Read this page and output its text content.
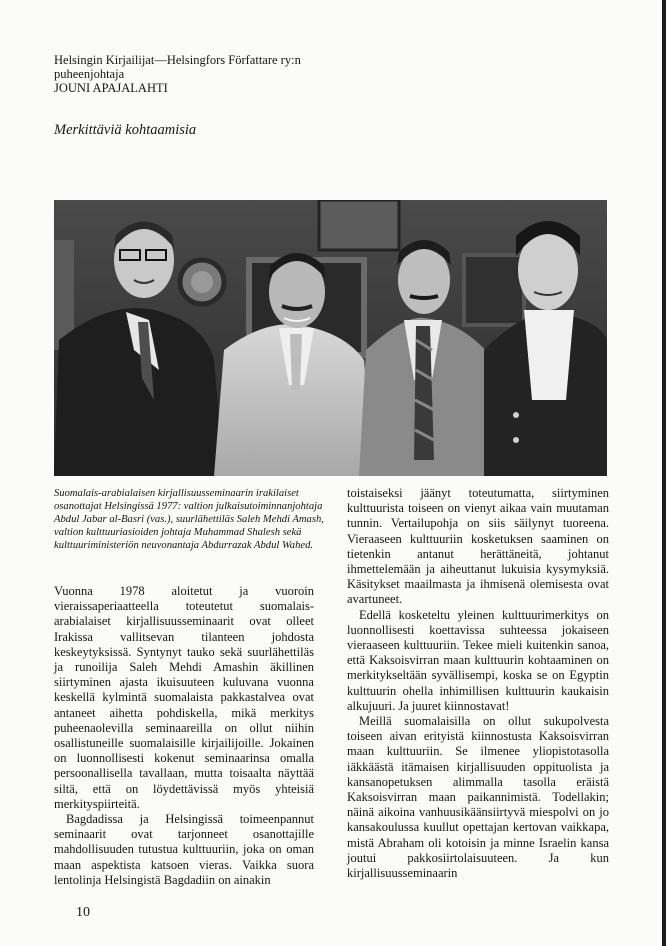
Helsingin Kirjailijat—Helsingfors Författare ry:n
puheenjohtaja
JOUNI APAJALAHTI
Merkittäviä kohtaamisia

Suomalais-arabialaisen kirjallisuusseminaarin irakilaiset osanottajat Helsingissä 1977: valtion julkaisutoiminnanjohtaja Abdul Jabar al-Basri (vas.), suurlähettiläs Saleh Mehdi Amash, valtion kulttuuriasioiden johtaja Muhammad Shalesh sekä kulttuuriministeriön neuvonantaja Abdurrazak Abdul Wahed.

Vuonna 1978 aloitetut ja vuoroin vieraissaperiaatteella toteutetut suomalais-arabialaiset kirjallisuusseminaarit ovat olleet Irakissa vallitsevan tilanteen johdosta keskeytyksissä. Syntynyt tauko sekä suurlähettiläs ja runoilija Saleh Mehdi Amashin äkillinen siirtyminen ajasta ikuisuuteen kuluvana vuonna keskellä kylmintä suomalaista pakkastalvea ovat antaneet aihetta pohdiskella, mikä merkitys puheenaolevilla seminaareilla on ollut niihin osallistuneille suomalaisille kirjailijoille. Jokainen on luonnollisesti kokenut seminaarinsa omalla persoonallisella tavallaan, mutta toisaalta näyttää siltä, että on löydettävissä myös yhteisiä merkityspiirteitä.

Bagdadissa ja Helsingissä toimeenpannut seminaarit ovat tarjonneet osanottajille mahdollisuuden tutustua kulttuuriin, joka on oman maan aspektista katsoen vieras. Vaikka suora lentolinja Helsingistä Bagdadiin on ainakin

toistaiseksi jäänyt toteutumatta, siirtyminen kulttuurista toiseen on vienyt aikaa vain muutaman tunnin. Vertailupohja on siis säilynyt tuoreena. Vieraaseen kulttuuriin kosketuksen saaminen on tietenkin antanut herättäneitä, johtanut ihmettelemään ja aiheuttanut lukuisia kysymyksiä. Käsitykset maailmasta ja ihmisenä olemisesta ovat avartuneet.

Edellä kosketeltu yleinen kulttuurimerkitys on luonnollisesti koettavissa suhteessa jokaiseen vieraaseen kulttuuriin. Tekee mieli kuitenkin sanoa, että Kaksoisvirran maan kulttuurin kohtaaminen on merkitykseltään syvällisempi, koska se on Egyptin kulttuurin ohella inhimillisen kulttuurin kaukaisin alkujuuri. Ja juuret kiinnostavat!

Meillä suomalaisilla on ollut sukupolvesta toiseen aivan erityistä kiinnostusta Kaksoisvirran maan kulttuuriin. Se ilmenee yliopistotasolla iäkkäästä itämaisen kirjallisuuden oppituolista ja kansanopetuksen alimmalla tasolla eräistä Kaksoisvirran maan paikannimistä. Todellakin; näinä aikoina vanhuusikäänsiirtyvä miespolvi on jo kansakoulussa kuullut opettajan kertovan vaikkapa, mistä Abraham oli kotoisin ja minne Israelin kansa joutui pakkosiirtolaisuuteen. Ja kun kirjallisuusseminaarin

10
